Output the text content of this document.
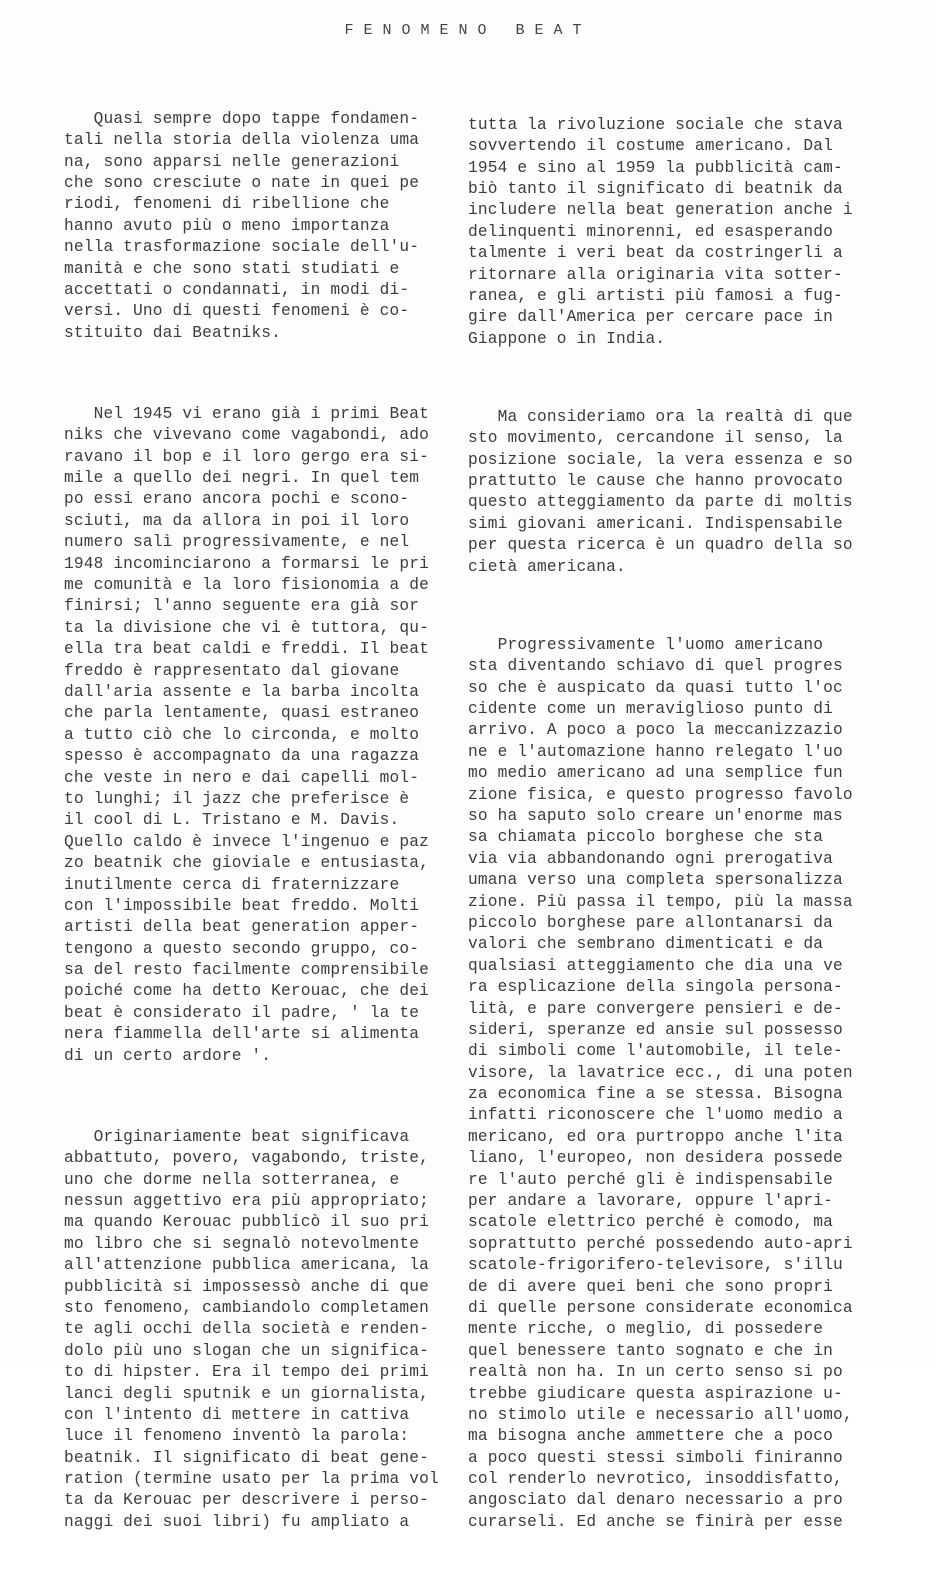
FENOMENO BEAT

Quasi sempre dopo tappe fondamen-
tali nella storia della violenza uma
na, sono apparsi nelle generazioni
che sono cresciute o nate in quei pe
riodi, fenomeni di ribellione che
hanno avuto più o meno importanza
nella trasformazione sociale dell'u-
manità e che sono stati studiati e
accettati o condannati, in modi di-
versi. Uno di questi fenomeni è co-
stituito dai Beatniks.

Nel 1945 vi erano già i primi Beat
niks che vivevano come vagabondi, ado
ravano il bop e il loro gergo era si-
mile a quello dei negri. In quel tem
po essi erano ancora pochi e scono-
sciuti, ma da allora in poi il loro
numero salì progressivamente, e nel
1948 incominciarono a formarsi le pri
me comunità e la loro fisionomia a de
finirsi; l'anno seguente era già sor
ta la divisione che vi è tuttora, qu-
ella tra beat caldi e freddi. Il beat
freddo è rappresentato dal giovane
dall'aria assente e la barba incolta
che parla lentamente, quasi estraneo
a tutto ciò che lo circonda, e molto
spesso è accompagnato da una ragazza
che veste in nero e dai capelli mol-
to lunghi; il jazz che preferisce è
il cool di L. Tristano e M. Davis.
Quello caldo è invece l'ingenuo e paz
zo beatnik che gioviale e entusiasta,
inutilmente cerca di fraternizzare
con l'impossibile beat freddo. Molti
artisti della beat generation apper-
tengono a questo secondo gruppo, co-
sa del resto facilmente comprensibile
poiché come ha detto Kerouac, che dei
beat è considerato il padre, ' la te
nera fiammella dell'arte si alimenta
di un certo ardore '.

Originariamente beat significava
abbattuto, povero, vagabondo, triste,
uno che dorme nella sotterranea, e
nessun aggettivo era più appropriato;
ma quando Kerouac pubblicò il suo pri
mo libro che si segnalò notevolmente
all'attenzione pubblica americana, la
pubblicità si impossessò anche di que
sto fenomeno, cambiandolo completamen
te agli occhi della società e renden-
dolo più uno slogan che un significa-
to di hipster. Era il tempo dei primi
lanci degli sputnik e un giornalista,
con l'intento di mettere in cattiva
luce il fenomeno inventò la parola:
beatnik. Il significato di beat gene-
ration (termine usato per la prima vol
ta da Kerouac per descrivere i perso-
naggi dei suoi libri) fu ampliato a

tutta la rivoluzione sociale che stava
sovvertendo il costume americano. Dal
1954 e sino al 1959 la pubblicità cam-
biò tanto il significato di beatnik da
includere nella beat generation anche i
delinquenti minorenni, ed esasperando
talmente i veri beat da costringerli a
ritornare alla originaria vita sotter-
ranea, e gli artisti più famosi a fug-
gire dall'America per cercare pace in
Giappone o in India.

Ma consideriamo ora la realtà di que
sto movimento, cercandone il senso, la
posizione sociale, la vera essenza e so
prattutto le cause che hanno provocato
questo atteggiamento da parte di moltis
simi giovani americani. Indispensabile
per questa ricerca è un quadro della so
cietà americana.

Progressivamente l'uomo americano
sta diventando schiavo di quel progres
so che è auspicato da quasi tutto l'oc
cidente come un meraviglioso punto di
arrivo. A poco a poco la meccanizzazio
ne e l'automazione hanno relegato l'uo
mo medio americano ad una semplice fun
zione fisica, e questo progresso favolo
so ha saputo solo creare un'enorme mas
sa chiamata piccolo borghese che sta
via via abbandonando ogni prerogativa
umana verso una completa spersonalizza
zione. Più passa il tempo, più la massa
piccolo borghese pare allontanarsi da
valori che sembrano dimenticati e da
qualsiasi atteggiamento che dia una ve
ra esplicazione della singola persona-
lità, e pare convergere pensieri e de-
sideri, speranze ed ansie sul possesso
di simboli come l'automobile, il tele-
visore, la lavatrice ecc., di una poten
za economica fine a se stessa. Bisogna
infatti riconoscere che l'uomo medio a
mericano, ed ora purtroppo anche l'ita
liano, l'europeo, non desidera possede
re l'auto perché gli è indispensabile
per andare a lavorare, oppure l'apri-
scatole elettrico perché è comodo, ma
soprattutto perché possedendo auto-apri
scatole-frigorifero-televisore, s'illu
de di avere quei beni che sono propri
di quelle persone considerate economica
mente ricche, o meglio, di possedere
quel benessere tanto sognato e che in
realtà non ha. In un certo senso si po
trebbe giudicare questa aspirazione u-
no stimolo utile e necessario all'uomo,
ma bisogna anche ammettere che a poco
a poco questi stessi simboli finiranno
col renderlo nevrotico, insoddisfatto,
angosciato dal denaro necessario a pro
curarseli. Ed anche se finirà per esse
